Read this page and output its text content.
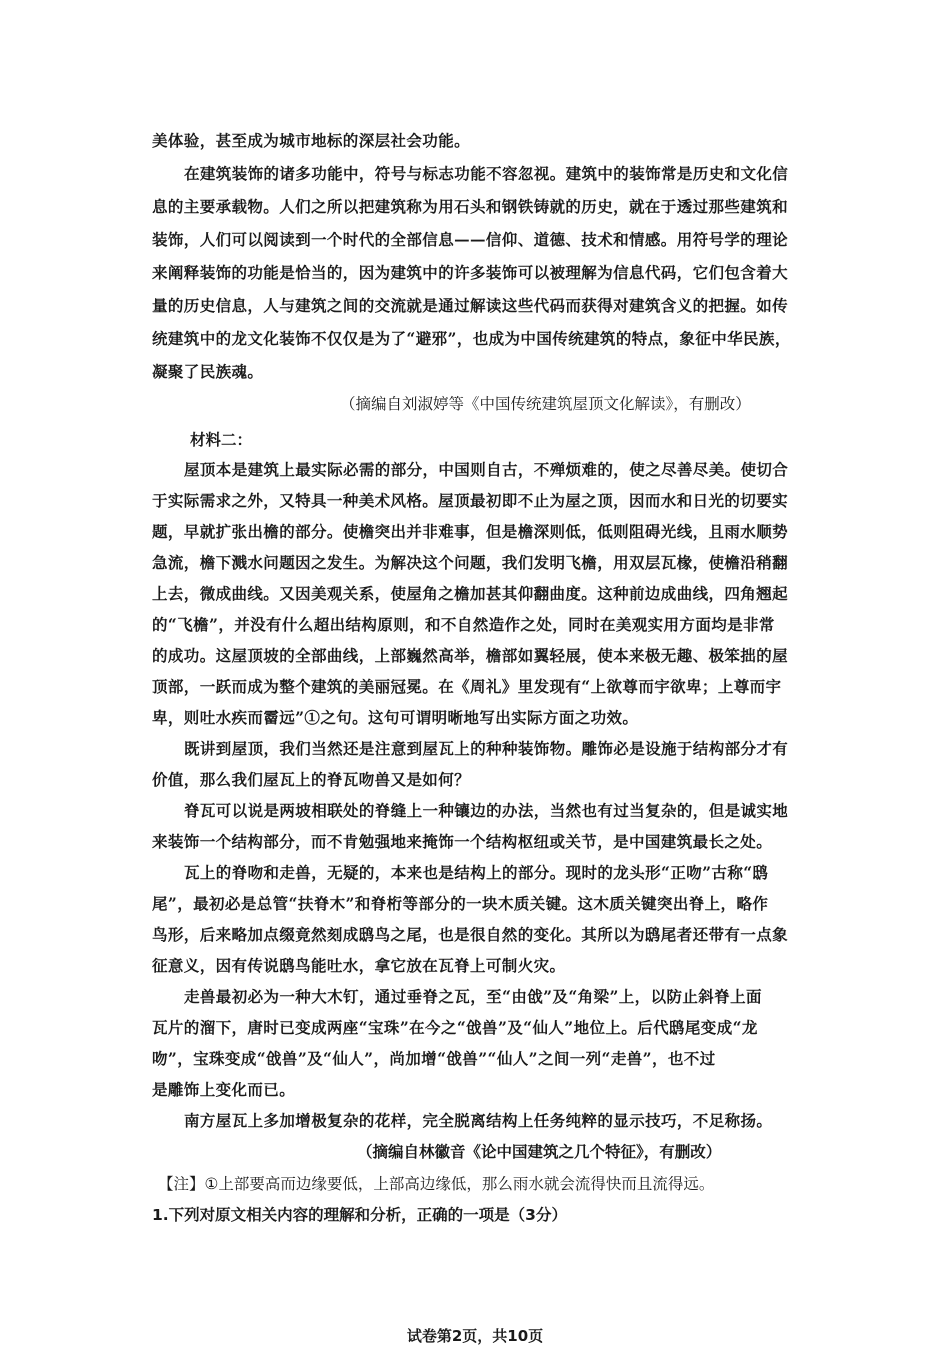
美体验，甚至成为城市地标的深层社会功能。
在建筑装饰的诸多功能中，符号与标志功能不容忽视。建筑中的装饰常是历史和文化信
息的主要承载物。人们之所以把建筑称为用石头和钢铁铸就的历史，就在于透过那些建筑和
装饰，人们可以阅读到一个时代的全部信息——信仰、道德、技术和情感。用符号学的理论
来阐释装饰的功能是恰当的，因为建筑中的许多装饰可以被理解为信息代码，它们包含着大
量的历史信息，人与建筑之间的交流就是通过解读这些代码而获得对建筑含义的把握。如传
统建筑中的龙文化装饰不仅仅是为了“避邪”，也成为中国传统建筑的特点，象征中华民族，
凝聚了民族魂。
（摘编自刘淑婷等《中国传统建筑屋顶文化解读》，有删改）
材料二：
屋顶本是建筑上最实际必需的部分，中国则自古，不殚烦难的，使之尽善尽美。使切合
于实际需求之外，又特具一种美术风格。屋顶最初即不止为屋之顶，因而水和日光的切要实
题，早就扩张出檐的部分。使檐突出并非难事，但是檐深则低，低则阻碍光线，且雨水顺势
急流，檐下溅水问题因之发生。为解决这个问题，我们发明飞檐，用双层瓦椽，使檐沿稍翻
上去，微成曲线。又因美观关系，使屋角之檐加甚其仰翻曲度。这种前边成曲线，四角翘起
的“飞檐”，并没有什么超出结构原则，和不自然造作之处，同时在美观实用方面均是非常
的成功。这屋顶坡的全部曲线，上部巍然高举，檐部如翼轻展，使本来极无趣、极笨拙的屋
顶部，一跃而成为整个建筑的美丽冠冕。在《周礼》里发现有“上欲尊而宇欲卑；上尊而宇
卑，则吐水疾而霤远”①之句。这句可谓明晰地写出实际方面之功效。
既讲到屋顶，我们当然还是注意到屋瓦上的种种装饰物。雕饰必是设施于结构部分才有
价值，那么我们屋瓦上的脊瓦吻兽又是如何？
脊瓦可以说是两坡相联处的脊缝上一种镶边的办法，当然也有过当复杂的，但是诚实地
来装饰一个结构部分，而不肯勉强地来掩饰一个结构枢纽或关节，是中国建筑最长之处。
瓦上的脊吻和走兽，无疑的，本来也是结构上的部分。现时的龙头形“正吻”古称“鸱
尾”，最初必是总管“扶脊木”和脊桁等部分的一块木质关键。这木质关键突出脊上，略作
鸟形，后来略加点缀竟然刻成鸱鸟之尾，也是很自然的变化。其所以为鸱尾者还带有一点象
征意义，因有传说鸱鸟能吐水，拿它放在瓦脊上可制火灾。
走兽最初必为一种大木钉，通过垂脊之瓦，至“由戗”及“角梁”上，以防止斜脊上面
瓦片的溜下，唐时已变成两座“宝珠”在今之“戗兽”及“仙人”地位上。后代鸱尾变成“龙
吻”，宝珠变成“戗兽”及“仙人”，尚加增“戗兽”“仙人”之间一列“走兽”，也不过
是雕饰上变化而已。
南方屋瓦上多加增极复杂的花样，完全脱离结构上任务纯粹的显示技巧，不足称扬。
（摘编自林徽音《论中国建筑之几个特征》，有删改）
【注】①上部要高而边缘要低，上部高边缘低，那么雨水就会流得快而且流得远。
1.下列对原文相关内容的理解和分析，正确的一项是（3分）
试卷第2页，共10页
